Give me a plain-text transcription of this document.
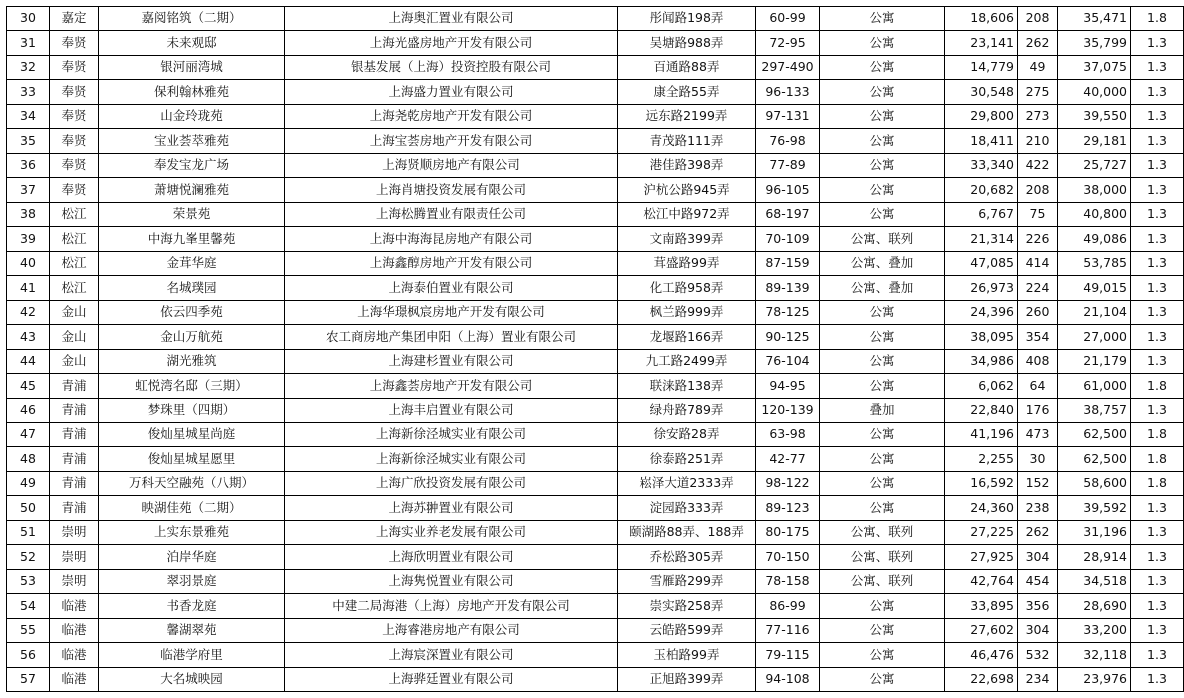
30	嘉定	嘉阅铭筑（二期）	上海奥汇置业有限公司	彤闻路198弄	60-99	公寓	18,606	208	35,471	1.8
31	奉贤	未来观邸	上海光盛房地产开发有限公司	吴塘路988弄	72-95	公寓	23,141	262	35,799	1.3
32	奉贤	银河丽湾城	银基发展（上海）投资控股有限公司	百通路88弄	297-490	公寓	14,779	49	37,075	1.3
33	奉贤	保利翰林雅苑	上海盛力置业有限公司	康全路55弄	96-133	公寓	30,548	275	40,000	1.3
34	奉贤	山金玲珑苑	上海尧乾房地产开发有限公司	远东路2199弄	97-131	公寓	29,800	273	39,550	1.3
35	奉贤	宝业荟萃雅苑	上海宝荟房地产开发有限公司	青茂路111弄	76-98	公寓	18,411	210	29,181	1.3
36	奉贤	奉发宝龙广场	上海贤顺房地产有限公司	港佳路398弄	77-89	公寓	33,340	422	25,727	1.3
37	奉贤	萧塘悦澜雅苑	上海肖塘投资发展有限公司	沪杭公路945弄	96-105	公寓	20,682	208	38,000	1.3
38	松江	荣景苑	上海松腾置业有限责任公司	松江中路972弄	68-197	公寓	6,767	75	40,800	1.3
39	松江	中海九峯里馨苑	上海中海海昆房地产有限公司	文南路399弄	70-109	公寓、联列	21,314	226	49,086	1.3
40	松江	金茸华庭	上海鑫醇房地产开发有限公司	茸盛路99弄	87-159	公寓、叠加	47,085	414	53,785	1.3
41	松江	名城璞园	上海泰伯置业有限公司	化工路958弄	89-139	公寓、叠加	26,973	224	49,015	1.3
42	金山	依云四季苑	上海华璟枫宸房地产开发有限公司	枫兰路999弄	78-125	公寓	24,396	260	21,104	1.3
43	金山	金山万航苑	农工商房地产集团申阳（上海）置业有限公司	龙堰路166弄	90-125	公寓	38,095	354	27,000	1.3
44	金山	湖光雅筑	上海建杉置业有限公司	九工路2499弄	76-104	公寓	34,986	408	21,179	1.3
45	青浦	虹悦湾名邸（三期）	上海鑫荟房地产开发有限公司	联涞路138弄	94-95	公寓	6,062	64	61,000	1.8
46	青浦	梦珠里（四期）	上海丰启置业有限公司	绿舟路789弄	120-139	叠加	22,840	176	38,757	1.3
47	青浦	俊灿星城星尚庭	上海新徐泾城实业有限公司	徐安路28弄	63-98	公寓	41,196	473	62,500	1.8
48	青浦	俊灿星城星愿里	上海新徐泾城实业有限公司	徐泰路251弄	42-77	公寓	2,255	30	62,500	1.8
49	青浦	万科天空融苑（八期）	上海广欣投资发展有限公司	崧泽大道2333弄	98-122	公寓	16,592	152	58,600	1.8
50	青浦	映湖佳苑（二期）	上海苏翀置业有限公司	淀园路333弄	89-123	公寓	24,360	238	39,592	1.3
51	崇明	上实东景雅苑	上海实业养老发展有限公司	颐湖路88弄、188弄	80-175	公寓、联列	27,225	262	31,196	1.3
52	崇明	泊岸华庭	上海欣明置业有限公司	乔松路305弄	70-150	公寓、联列	27,925	304	28,914	1.3
53	崇明	翠羽景庭	上海隽悦置业有限公司	雪雁路299弄	78-158	公寓、联列	42,764	454	34,518	1.3
54	临港	书香龙庭	中建二局海港（上海）房地产开发有限公司	崇实路258弄	86-99	公寓	33,895	356	28,690	1.3
55	临港	馨湖翠苑	上海睿港房地产有限公司	云皓路599弄	77-116	公寓	27,602	304	33,200	1.3
56	临港	临港学府里	上海宸深置业有限公司	玉柏路99弄	79-115	公寓	46,476	532	32,118	1.3
57	临港	大名城映园	上海骅廷置业有限公司	正旭路399弄	94-108	公寓	22,698	234	23,976	1.3
